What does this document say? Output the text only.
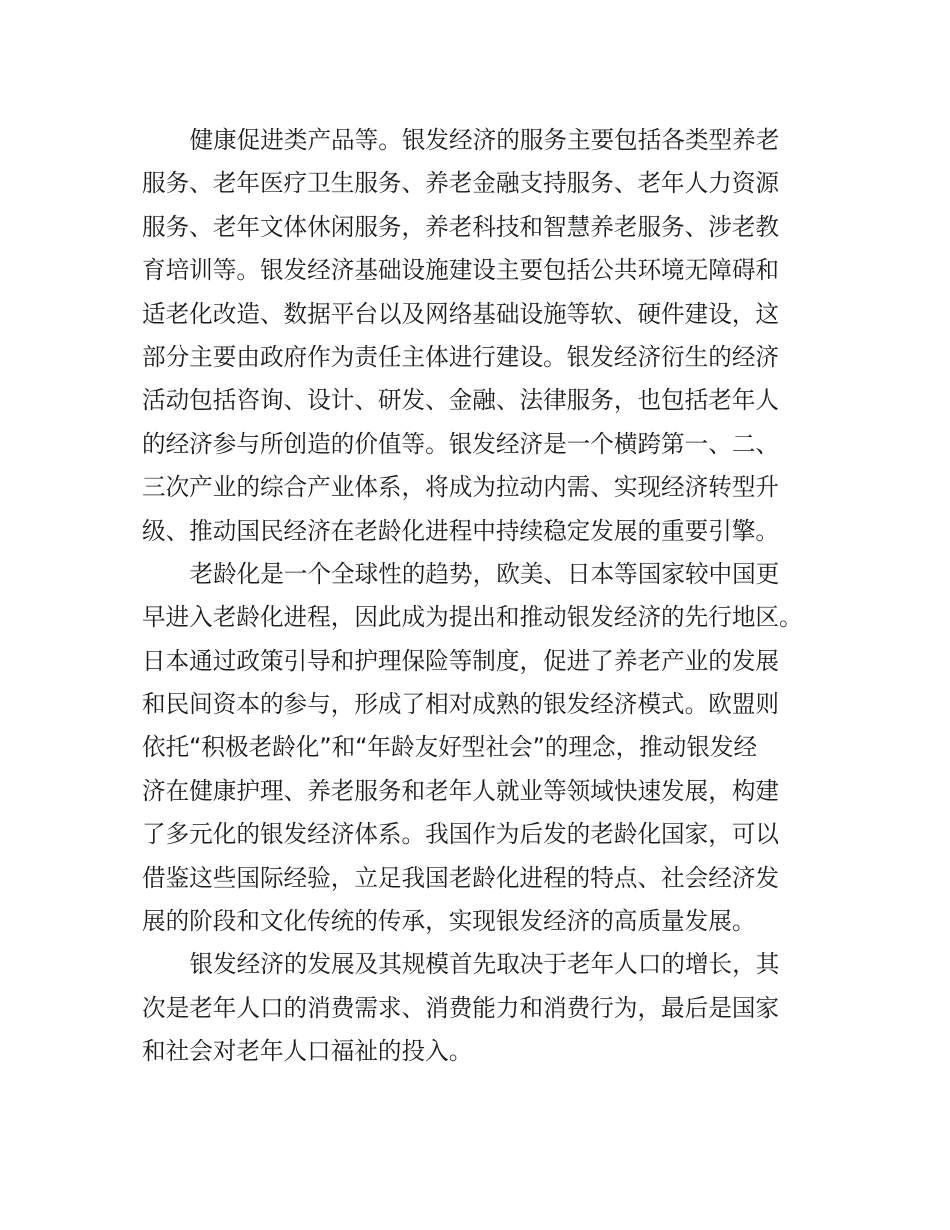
健康促进类产品等。银发经济的服务主要包括各类型养老
服务、老年医疗卫生服务、养老金融支持服务、老年人力资源
服务、老年文体休闲服务，养老科技和智慧养老服务、涉老教
育培训等。银发经济基础设施建设主要包括公共环境无障碍和
适老化改造、数据平台以及网络基础设施等软、硬件建设，这
部分主要由政府作为责任主体进行建设。银发经济衍生的经济
活动包括咨询、设计、研发、金融、法律服务，也包括老年人
的经济参与所创造的价值等。银发经济是一个横跨第一、二、
三次产业的综合产业体系，将成为拉动内需、实现经济转型升
级、推动国民经济在老龄化进程中持续稳定发展的重要引擎。
老龄化是一个全球性的趋势，欧美、日本等国家较中国更
早进入老龄化进程，因此成为提出和推动银发经济的先行地区。
日本通过政策引导和护理保险等制度，促进了养老产业的发展
和民间资本的参与，形成了相对成熟的银发经济模式。欧盟则
依托“积极老龄化”和“年龄友好型社会”的理念，推动银发经
济在健康护理、养老服务和老年人就业等领域快速发展，构建
了多元化的银发经济体系。我国作为后发的老龄化国家，可以
借鉴这些国际经验，立足我国老龄化进程的特点、社会经济发
展的阶段和文化传统的传承，实现银发经济的高质量发展。
银发经济的发展及其规模首先取决于老年人口的增长，其
次是老年人口的消费需求、消费能力和消费行为，最后是国家
和社会对老年人口福祉的投入。
